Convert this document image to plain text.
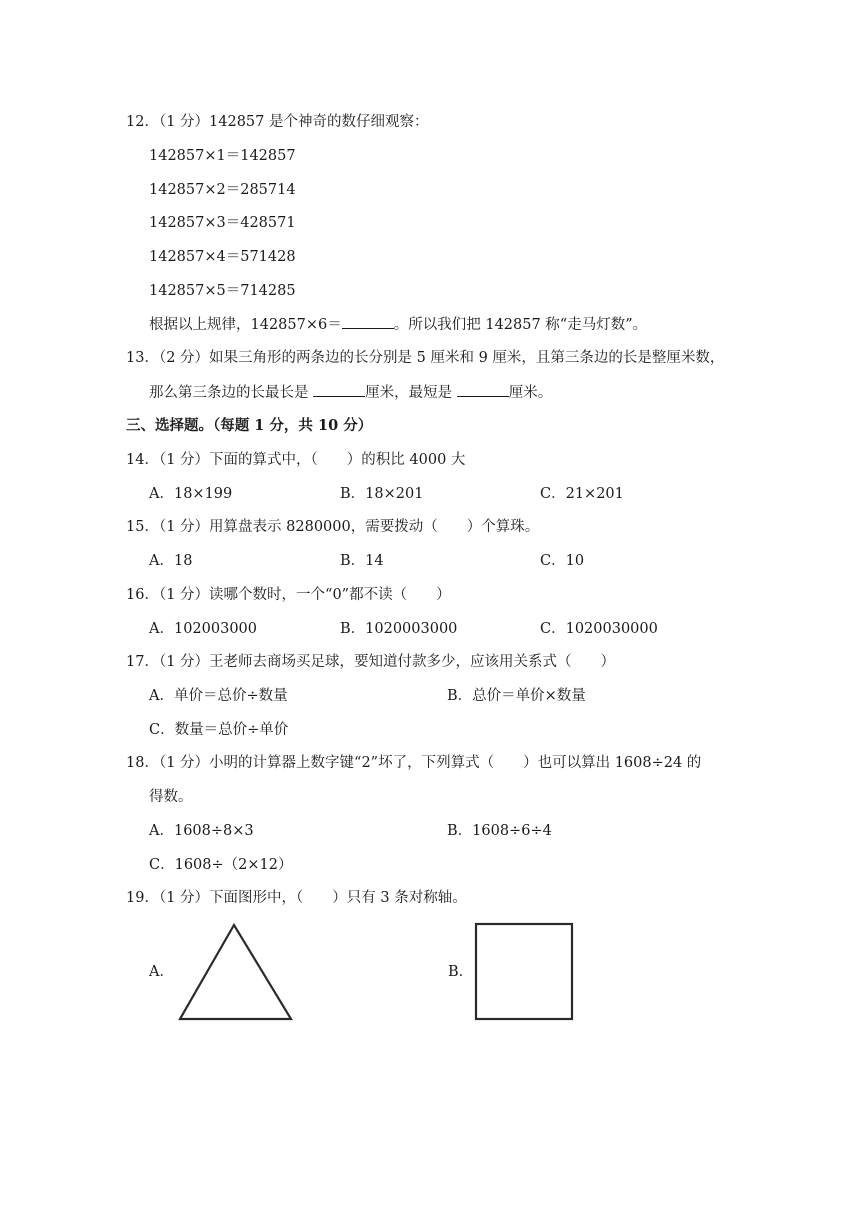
12．（1 分）142857 是个神奇的数仔细观察：
142857×1＝142857
142857×2＝285714
142857×3＝428571
142857×4＝571428
142857×5＝714285
根据以上规律，142857×6＝	。所以我们把 142857 称“走马灯数”。
13．（2 分）如果三角形的两条边的长分别是 5 厘米和 9 厘米，且第三条边的长是整厘米数，
那么第三条边的长最长是	厘米，最短是	厘米。
三、选择题。（每题 1 分，共 10 分）
14．（1 分）下面的算式中，（　　）的积比 4000 大
A．18×199	B．18×201	C．21×201
15．（1 分）用算盘表示 8280000，需要拨动（　　）个算珠。
A．18	B．14	C．10
16．（1 分）读哪个数时，一个“0”都不读（　　）
A．102003000	B．1020003000	C．1020030000
17．（1 分）王老师去商场买足球，要知道付款多少，应该用关系式（　　）
A．单价＝总价÷数量	B．总价＝单价×数量
C．数量＝总价÷单价
18．（1 分）小明的计算器上数字键“2”坏了，下列算式（　　）也可以算出 1608÷24 的
得数。
A．1608÷8×3	B．1608÷6÷4
C．1608÷（2×12）
19．（1 分）下面图形中，（　　）只有 3 条对称轴。
A．	B．
